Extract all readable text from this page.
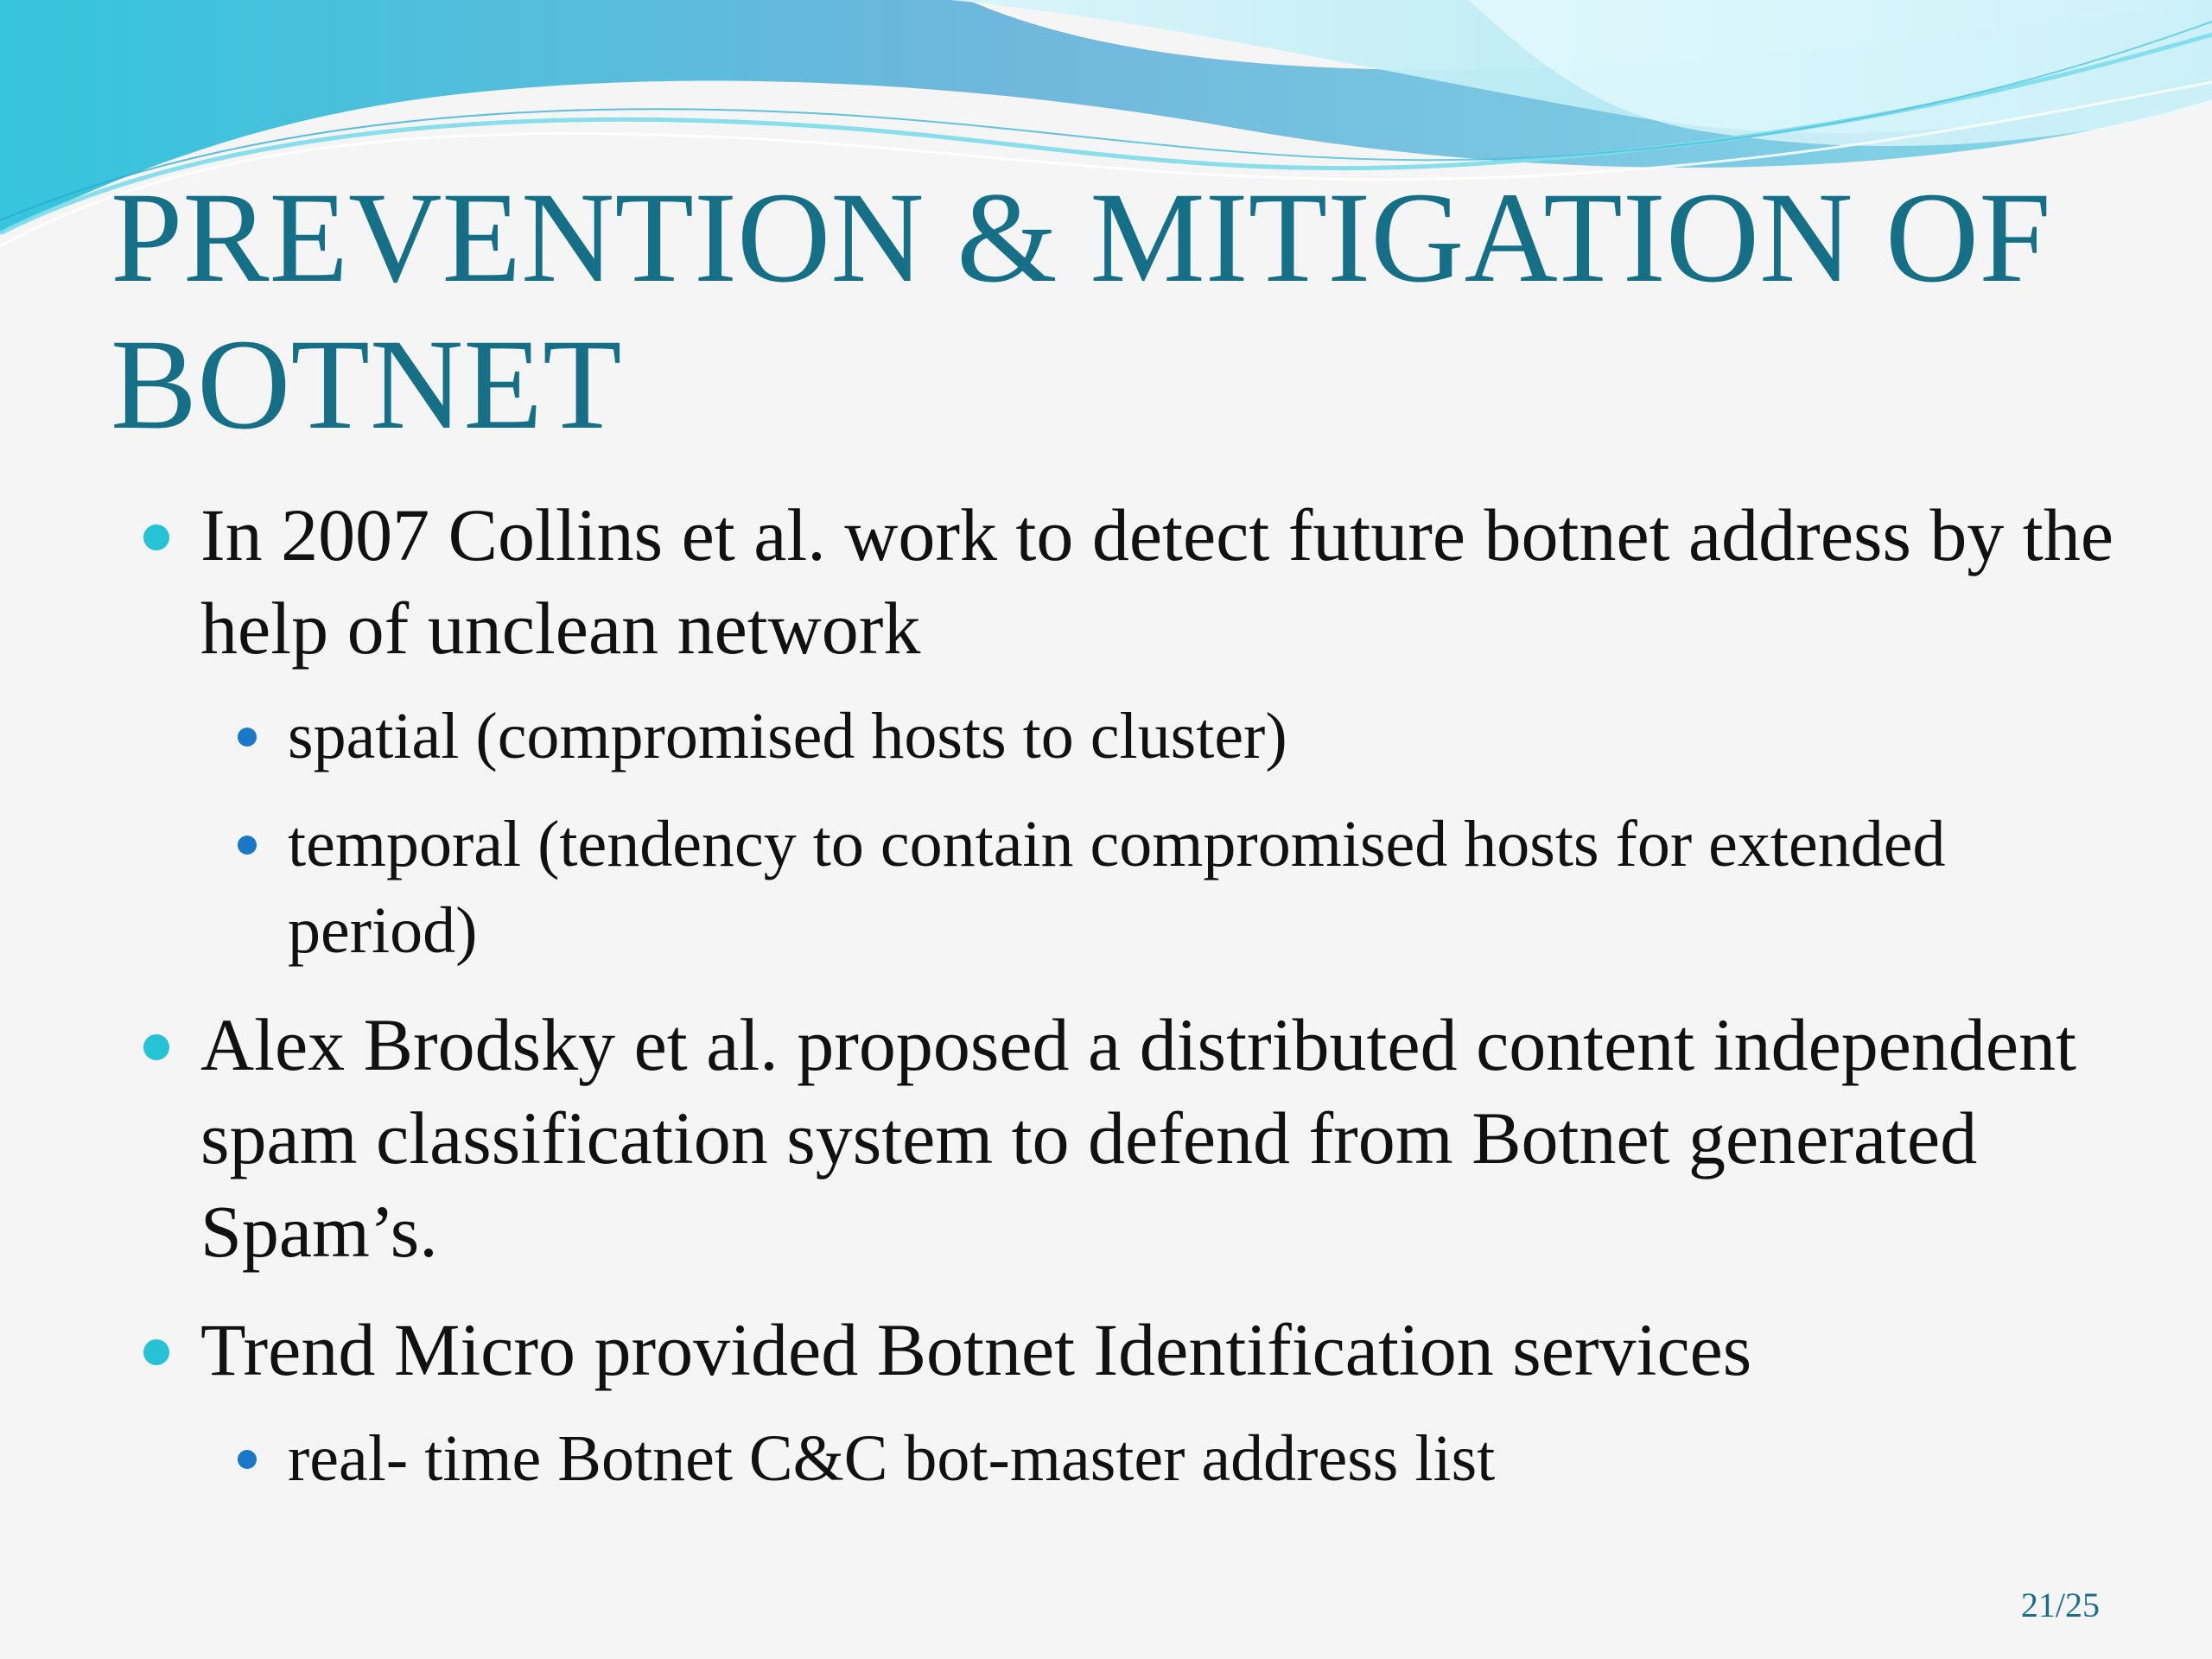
PREVENTION & MITIGATION OF
BOTNET
In 2007 Collins et al. work to detect future botnet address by the help of unclean network
spatial (compromised hosts to cluster)
temporal (tendency to contain compromised hosts for extended period)
Alex Brodsky et al. proposed a distributed content independent spam classification system to defend from Botnet generated Spam’s.
Trend Micro provided Botnet Identification services
real- time Botnet C&C bot-master address list
21/25
